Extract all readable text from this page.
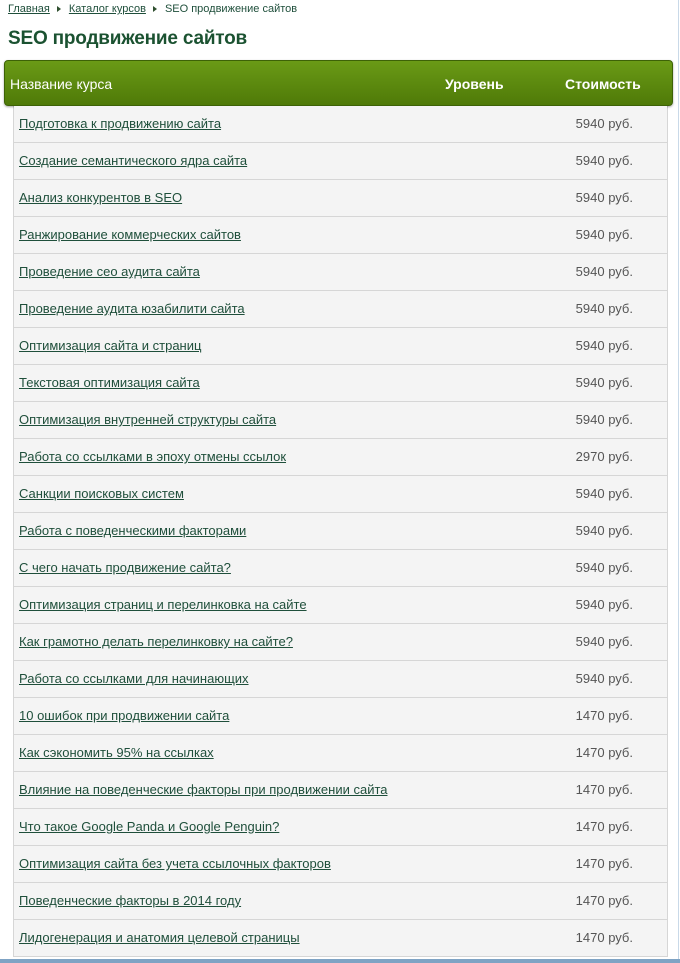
Главная Каталог курсов SEO продвижение сайтов
SEO продвижение сайтов
Название курса	Уровень	Стоимость
Подготовка к продвижению сайта	5940 руб.
Создание семантического ядра сайта	5940 руб.
Анализ конкурентов в SEO	5940 руб.
Ранжирование коммерческих сайтов	5940 руб.
Проведение сео аудита сайта	5940 руб.
Проведение аудита юзабилити сайта	5940 руб.
Оптимизация сайта и страниц	5940 руб.
Текстовая оптимизация сайта	5940 руб.
Оптимизация внутренней структуры сайта	5940 руб.
Работа со ссылками в эпоху отмены ссылок	2970 руб.
Санкции поисковых систем	5940 руб.
Работа с поведенческими факторами	5940 руб.
С чего начать продвижение сайта?	5940 руб.
Оптимизация страниц и перелинковка на сайте	5940 руб.
Как грамотно делать перелинковку на сайте?	5940 руб.
Работа со ссылками для начинающих	5940 руб.
10 ошибок при продвижении сайта	1470 руб.
Как сэкономить 95% на ссылках	1470 руб.
Влияние на поведенческие факторы при продвижении сайта	1470 руб.
Что такое Google Panda и Google Penguin?	1470 руб.
Оптимизация сайта без учета ссылочных факторов	1470 руб.
Поведенческие факторы в 2014 году	1470 руб.
Лидогенерация и анатомия целевой страницы	1470 руб.
